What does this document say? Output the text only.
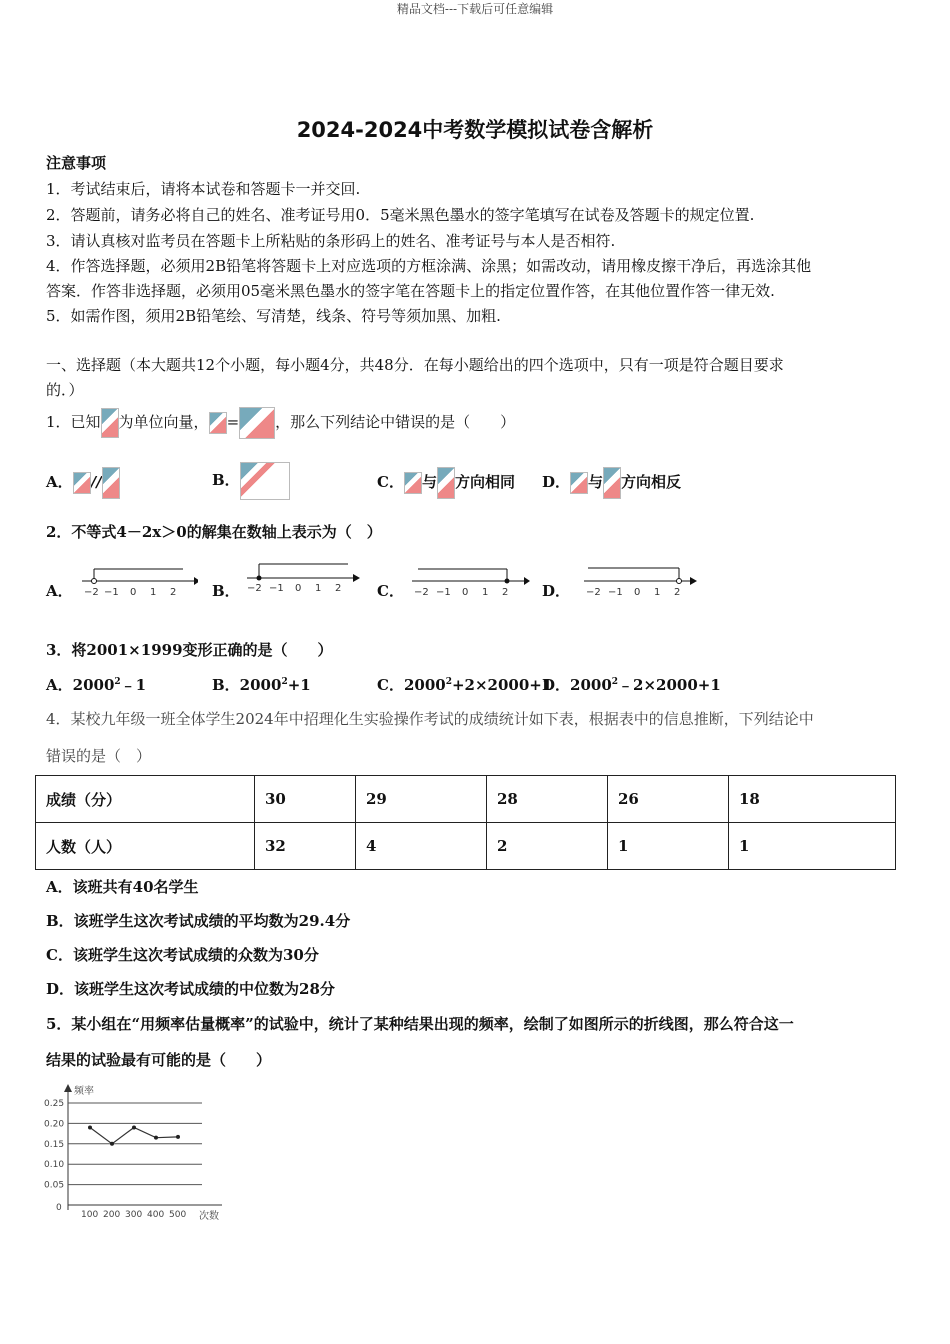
精品文档---下载后可任意编辑
2024-2024中考数学模拟试卷含解析
注意事项
1．考试结束后，请将本试卷和答题卡一并交回.
2．答题前，请务必将自己的姓名、准考证号用0．5毫米黑色墨水的签字笔填写在试卷及答题卡的规定位置.
3．请认真核对监考员在答题卡上所粘贴的条形码上的姓名、准考证号与本人是否相符.
4．作答选择题，必须用2B铅笔将答题卡上对应选项的方框涂满、涂黑；如需改动，请用橡皮擦干净后，再选涂其他
答案．作答非选择题，必须用05毫米黑色墨水的签字笔在答题卡上的指定位置作答，在其他位置作答一律无效.
5．如需作图，须用2B铅笔绘、写清楚，线条、符号等须加黑、加粗.
一、选择题（本大题共12个小题，每小题4分，共48分．在每小题给出的四个选项中，只有一项是符合题目要求
的．）
1．已知 为单位向量， = ，那么下列结论中错误的是（　　）
A． //	B．	C． 与 方向相同 D． 与 方向相反
2．不等式4－2x＞0的解集在数轴上表示为（　）
A．	B．	C．	D．
−2 −1 0 1 2	−2 −1 0 1 2	−2 −1 0 1 2	−2 −1 0 1 2
3．将2001×1999变形正确的是（　　）
A．2000$^2$﹣1	B．$2000^2+1$	C．$2000^2+2\times 2000+1$
D．$2000^2﹣2\times 2000+1$
4．某校九年级一班全体学生2024年中招理化生实验操作考试的成绩统计如下表，根据表中的信息推断，下列结论中
错误的是（　）
成绩（分）	30	29	28	26	18
人数（人）	32	4	2	1	1
A．该班共有40名学生
B．该班学生这次考试成绩的平均数为29.4分
C．该班学生这次考试成绩的众数为30分
D．该班学生这次考试成绩的中位数为28分
5．某小组在“用频率估量概率”的试验中，统计了某种结果出现的频率，绘制了如图所示的折线图，那么符合这一
结果的试验最有可能的是（　　）
频率
次数
0
0.25
0.20
0.15
0.10
0.05
100 200 300 400 500
